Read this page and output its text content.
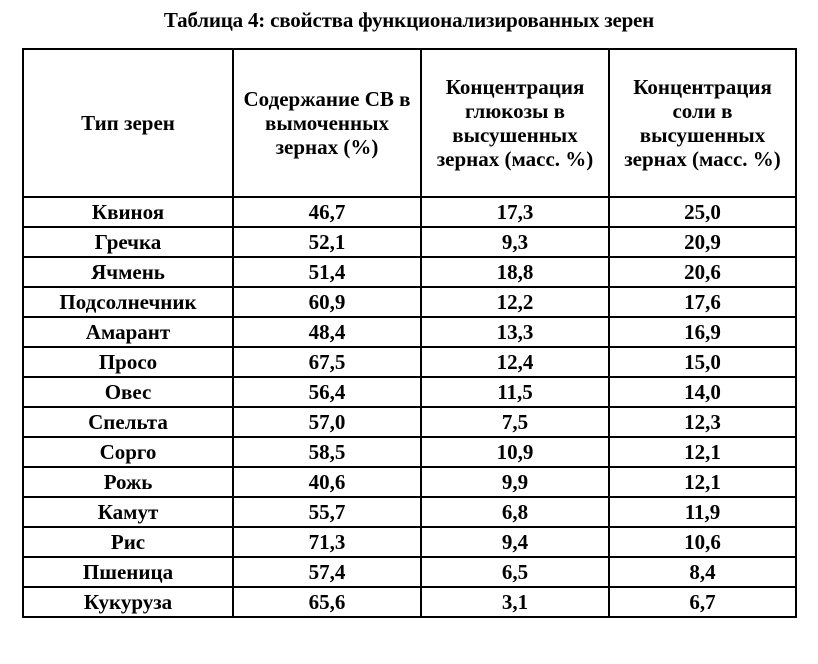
Таблица 4: свойства функционализированных зерен
Тип зерен	Содержание СВ в вымоченных зернах (%)	Концентрация глюкозы в высушенных зернах (масс. %)	Концентрация соли в высушенных зернах (масс. %)
Квиноя	46,7	17,3	25,0
Гречка	52,1	9,3	20,9
Ячмень	51,4	18,8	20,6
Подсолнечник	60,9	12,2	17,6
Амарант	48,4	13,3	16,9
Просо	67,5	12,4	15,0
Овес	56,4	11,5	14,0
Спельта	57,0	7,5	12,3
Сорго	58,5	10,9	12,1
Рожь	40,6	9,9	12,1
Камут	55,7	6,8	11,9
Рис	71,3	9,4	10,6
Пшеница	57,4	6,5	8,4
Кукуруза	65,6	3,1	6,7
